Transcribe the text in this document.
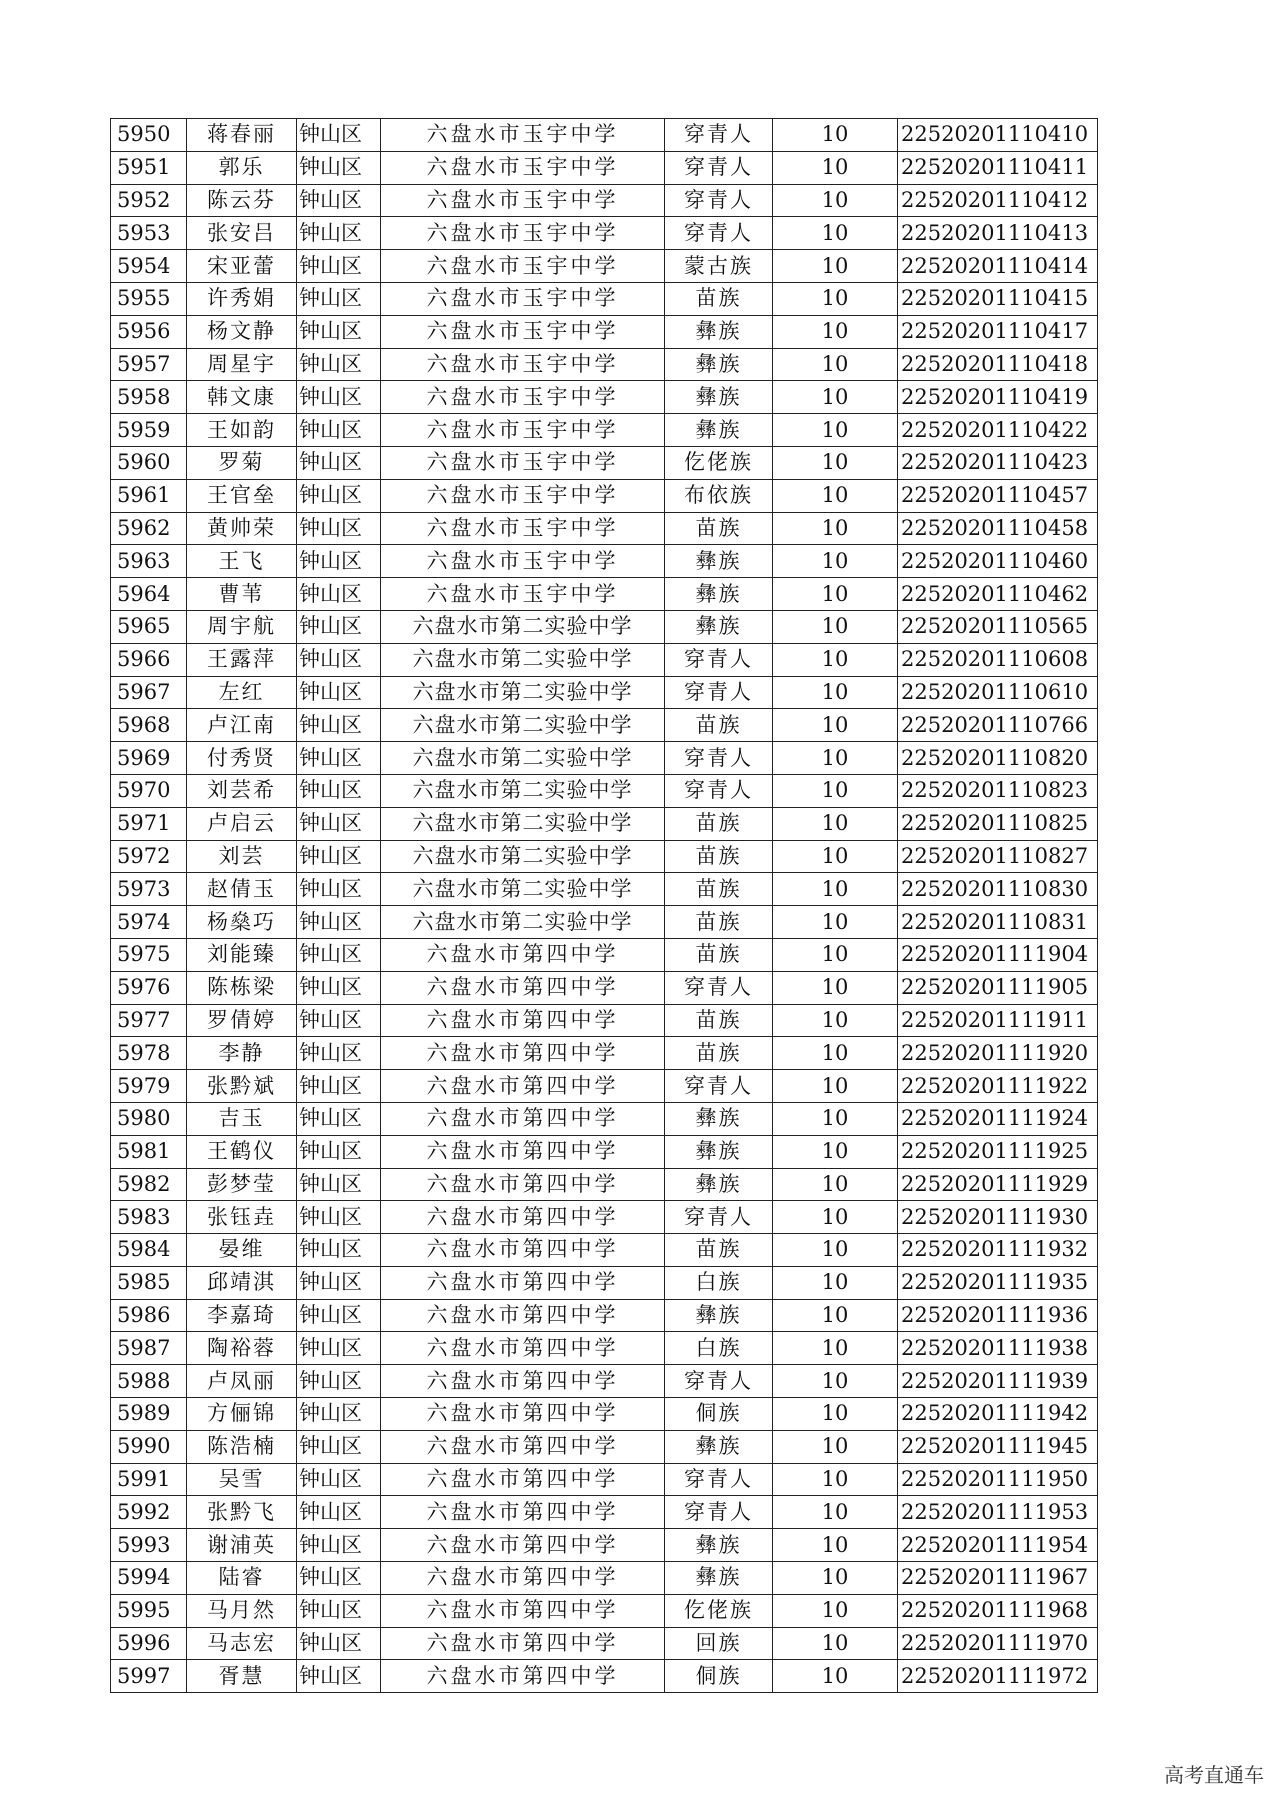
5950	蒋春丽	钟山区	六盘水市玉宇中学	穿青人	10	22520201110410
5951	郭乐	钟山区	六盘水市玉宇中学	穿青人	10	22520201110411
5952	陈云芬	钟山区	六盘水市玉宇中学	穿青人	10	22520201110412
5953	张安吕	钟山区	六盘水市玉宇中学	穿青人	10	22520201110413
5954	宋亚蕾	钟山区	六盘水市玉宇中学	蒙古族	10	22520201110414
5955	许秀娟	钟山区	六盘水市玉宇中学	苗族	10	22520201110415
5956	杨文静	钟山区	六盘水市玉宇中学	彝族	10	22520201110417
5957	周星宇	钟山区	六盘水市玉宇中学	彝族	10	22520201110418
5958	韩文康	钟山区	六盘水市玉宇中学	彝族	10	22520201110419
5959	王如韵	钟山区	六盘水市玉宇中学	彝族	10	22520201110422
5960	罗菊	钟山区	六盘水市玉宇中学	仡佬族	10	22520201110423
5961	王官垒	钟山区	六盘水市玉宇中学	布依族	10	22520201110457
5962	黄帅荣	钟山区	六盘水市玉宇中学	苗族	10	22520201110458
5963	王飞	钟山区	六盘水市玉宇中学	彝族	10	22520201110460
5964	曹苇	钟山区	六盘水市玉宇中学	彝族	10	22520201110462
5965	周宇航	钟山区	六盘水市第二实验中学	彝族	10	22520201110565
5966	王露萍	钟山区	六盘水市第二实验中学	穿青人	10	22520201110608
5967	左红	钟山区	六盘水市第二实验中学	穿青人	10	22520201110610
5968	卢江南	钟山区	六盘水市第二实验中学	苗族	10	22520201110766
5969	付秀贤	钟山区	六盘水市第二实验中学	穿青人	10	22520201110820
5970	刘芸希	钟山区	六盘水市第二实验中学	穿青人	10	22520201110823
5971	卢启云	钟山区	六盘水市第二实验中学	苗族	10	22520201110825
5972	刘芸	钟山区	六盘水市第二实验中学	苗族	10	22520201110827
5973	赵倩玉	钟山区	六盘水市第二实验中学	苗族	10	22520201110830
5974	杨燊巧	钟山区	六盘水市第二实验中学	苗族	10	22520201110831
5975	刘能臻	钟山区	六盘水市第四中学	苗族	10	22520201111904
5976	陈栋梁	钟山区	六盘水市第四中学	穿青人	10	22520201111905
5977	罗倩婷	钟山区	六盘水市第四中学	苗族	10	22520201111911
5978	李静	钟山区	六盘水市第四中学	苗族	10	22520201111920
5979	张黔斌	钟山区	六盘水市第四中学	穿青人	10	22520201111922
5980	吉玉	钟山区	六盘水市第四中学	彝族	10	22520201111924
5981	王鹤仪	钟山区	六盘水市第四中学	彝族	10	22520201111925
5982	彭梦莹	钟山区	六盘水市第四中学	彝族	10	22520201111929
5983	张钰垚	钟山区	六盘水市第四中学	穿青人	10	22520201111930
5984	晏维	钟山区	六盘水市第四中学	苗族	10	22520201111932
5985	邱靖淇	钟山区	六盘水市第四中学	白族	10	22520201111935
5986	李嘉琦	钟山区	六盘水市第四中学	彝族	10	22520201111936
5987	陶裕蓉	钟山区	六盘水市第四中学	白族	10	22520201111938
5988	卢凤丽	钟山区	六盘水市第四中学	穿青人	10	22520201111939
5989	方俪锦	钟山区	六盘水市第四中学	侗族	10	22520201111942
5990	陈浩楠	钟山区	六盘水市第四中学	彝族	10	22520201111945
5991	吴雪	钟山区	六盘水市第四中学	穿青人	10	22520201111950
5992	张黔飞	钟山区	六盘水市第四中学	穿青人	10	22520201111953
5993	谢浦英	钟山区	六盘水市第四中学	彝族	10	22520201111954
5994	陆睿	钟山区	六盘水市第四中学	彝族	10	22520201111967
5995	马月然	钟山区	六盘水市第四中学	仡佬族	10	22520201111968
5996	马志宏	钟山区	六盘水市第四中学	回族	10	22520201111970
5997	胥慧	钟山区	六盘水市第四中学	侗族	10	22520201111972
高考直通车
